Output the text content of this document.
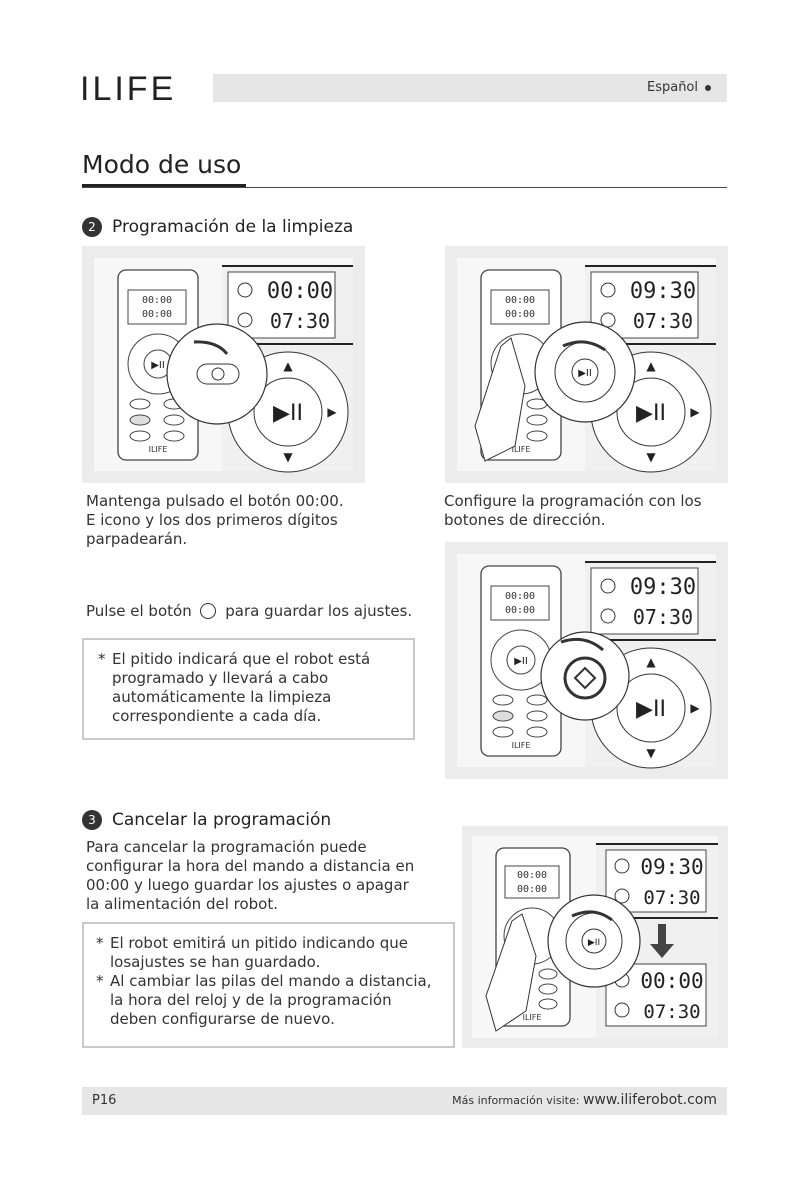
ILIFE	Español
Modo de uso
2 Programación de la limpieza
00:00
00:00
▶II
ILIFE
00:00
07:30
▶II
▲
▼
▶
00:00
00:00
ILIFE
09:30
07:30
▶II
▲
▼
▶
▶II
Mantenga pulsado el botón 00:00. E icono y los dos primeros dígitos parpadearán.
Configure la programación con los botones de dirección.
00:00
00:00
▶II
ILIFE
09:30
07:30
▶II
▲
▼
▶
Pulse el botón para guardar los ajustes.
* El pitido indicará que el robot está programado y llevará a cabo automáticamente la limpieza correspondiente a cada día.
3 Cancelar la programación
Para cancelar la programación puede configurar la hora del mando a distancia en 00:00 y luego guardar los ajustes o apagar la alimentación del robot.
* El robot emitirá un pitido indicando que losajustes se han guardado.
* Al cambiar las pilas del mando a distancia, la hora del reloj y de la programación deben configurarse de nuevo.
00:00
00:00
ILIFE
09:30
07:30
00:00
07:30
▶II
P16	Más información visite: www.iliferobot.com
